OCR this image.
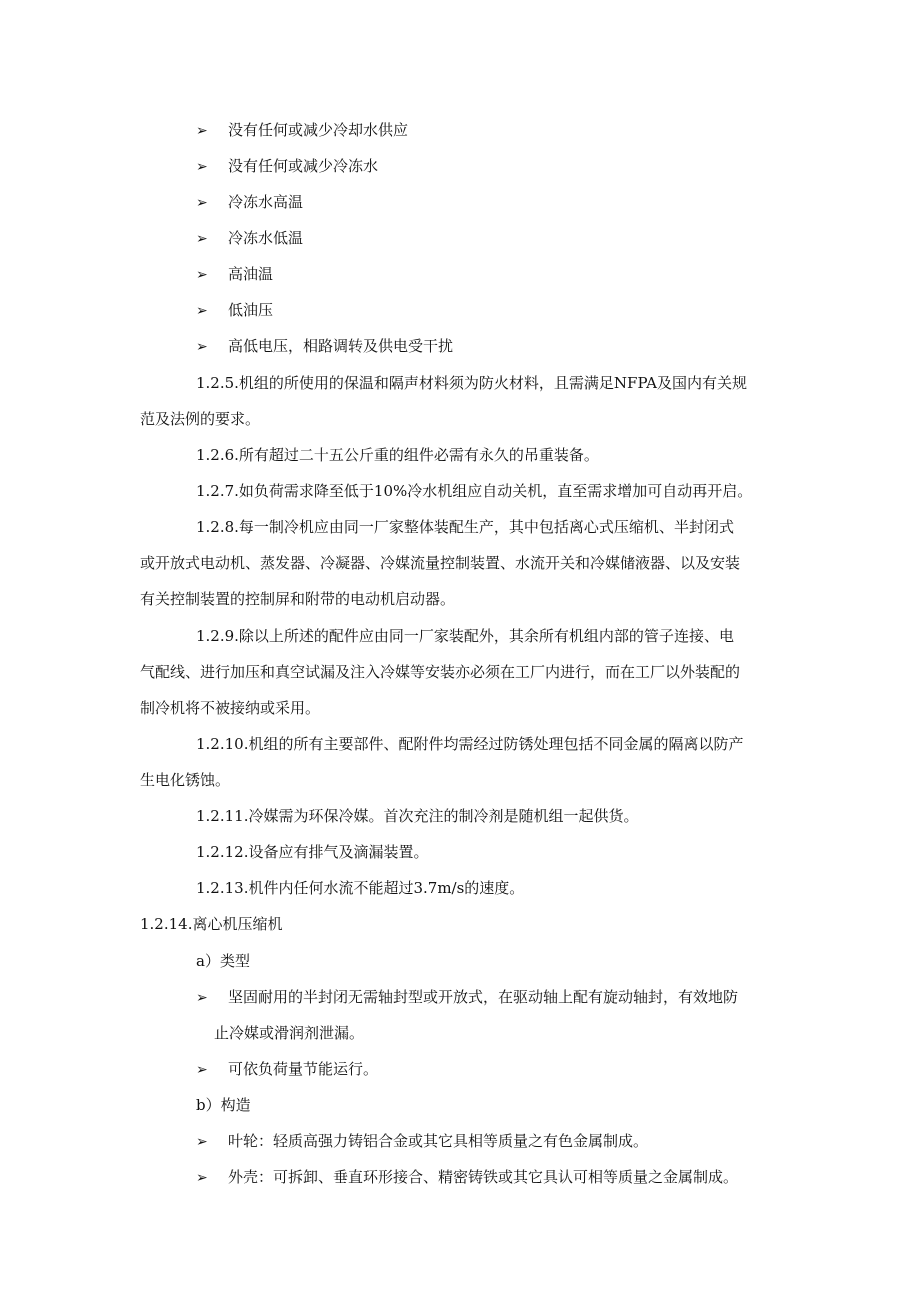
➢ 没有任何或减少冷却水供应
➢ 没有任何或减少冷冻水
➢ 冷冻水高温
➢ 冷冻水低温
➢ 高油温
➢ 低油压
➢ 高低电压，相路调转及供电受干扰
1.2.5.机组的所使用的保温和隔声材料须为防火材料，且需满足NFPA及国内有关规
范及法例的要求。
1.2.6.所有超过二十五公斤重的组件必需有永久的吊重装备。
1.2.7.如负荷需求降至低于10%冷水机组应自动关机，直至需求增加可自动再开启。
1.2.8.每一制冷机应由同一厂家整体装配生产，其中包括离心式压缩机、半封闭式
或开放式电动机、蒸发器、冷凝器、冷媒流量控制装置、水流开关和冷媒储液器、以及安装
有关控制装置的控制屏和附带的电动机启动器。
1.2.9.除以上所述的配件应由同一厂家装配外，其余所有机组内部的管子连接、电
气配线、进行加压和真空试漏及注入冷媒等安装亦必须在工厂内进行，而在工厂以外装配的
制冷机将不被接纳或采用。
1.2.10.机组的所有主要部件、配附件均需经过防锈处理包括不同金属的隔离以防产
生电化锈蚀。
1.2.11.冷媒需为环保冷媒。首次充注的制冷剂是随机组一起供货。
1.2.12.设备应有排气及滴漏装置。
1.2.13.机件内任何水流不能超过3.7m/s的速度。
1.2.14.离心机压缩机
a）类型
➢ 坚固耐用的半封闭无需轴封型或开放式，在驱动轴上配有旋动轴封，有效地防
止冷媒或滑润剂泄漏。
➢ 可依负荷量节能运行。
b）构造
➢ 叶轮：轻质高强力铸铝合金或其它具相等质量之有色金属制成。
➢ 外壳：可拆卸、垂直环形接合、精密铸铁或其它具认可相等质量之金属制成。
